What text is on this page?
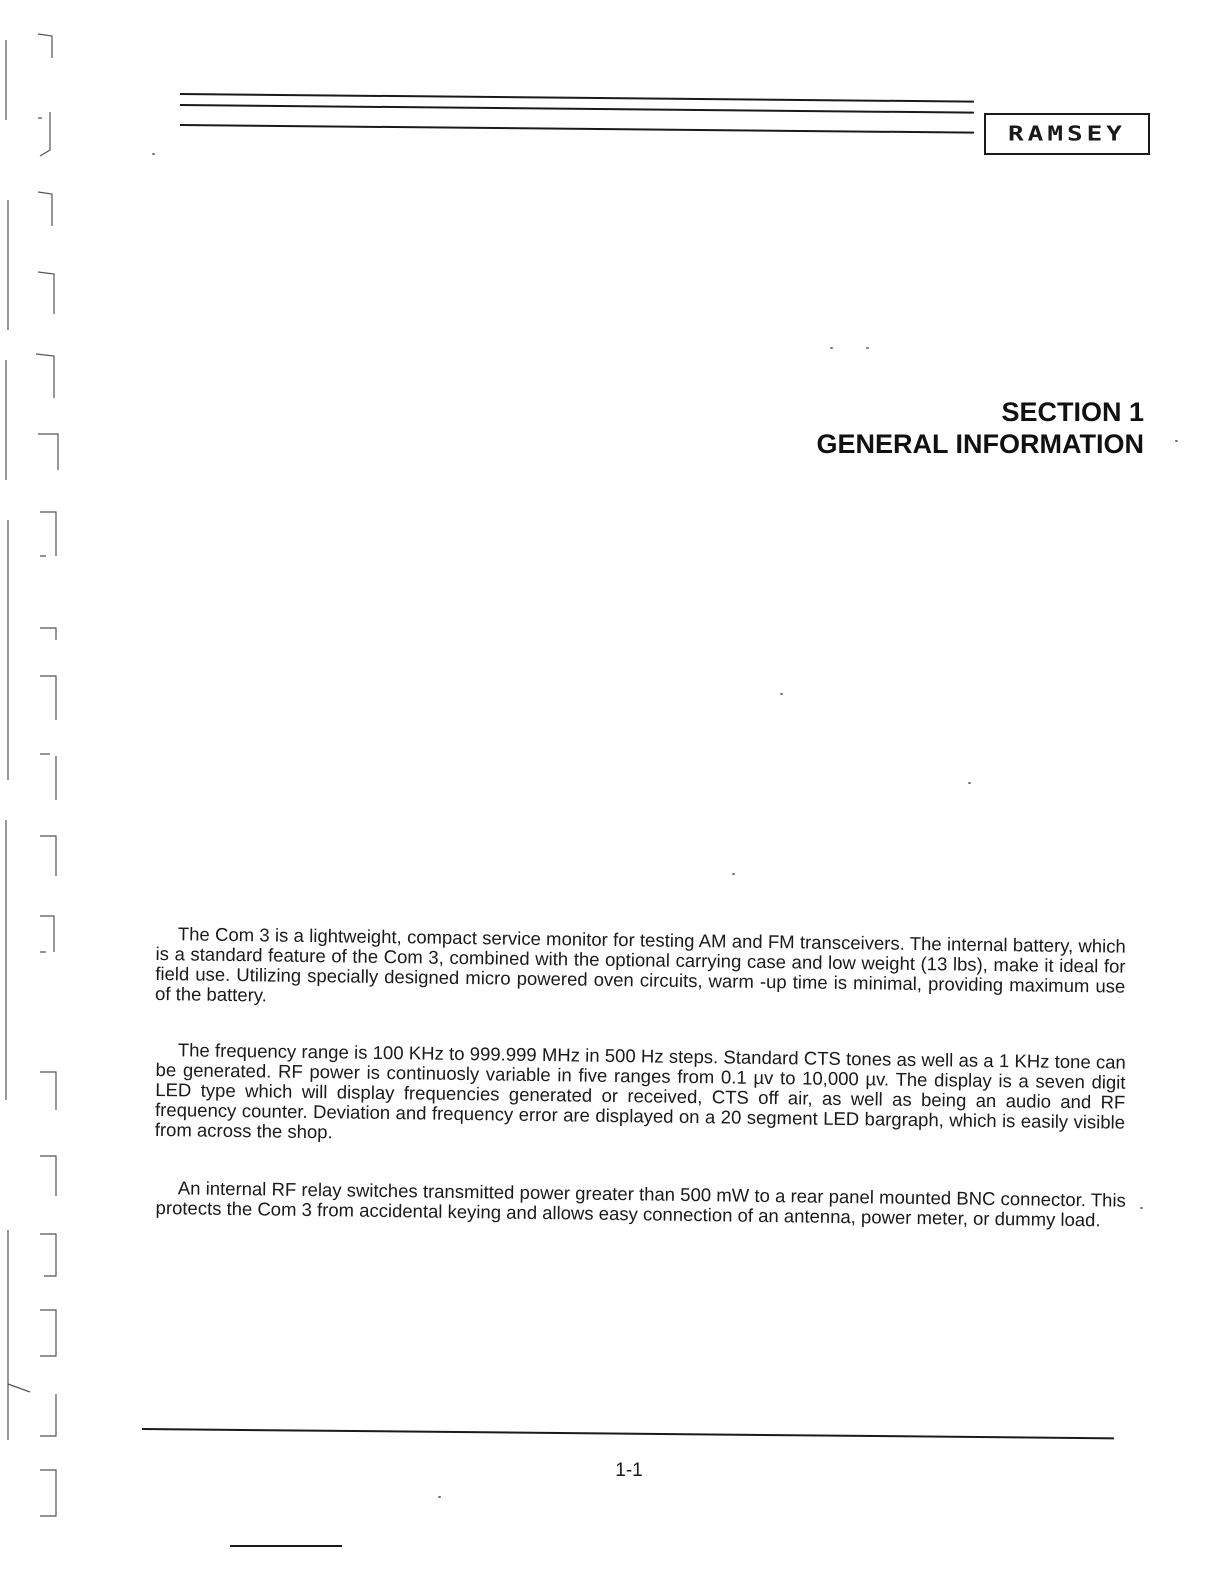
RAMSEY
SECTION 1
GENERAL INFORMATION

The Com 3 is a lightweight, compact service monitor for testing AM and FM transceivers. The internal battery, which is a standard feature of the Com 3, combined with the optional carrying case and low weight (13 lbs), make it ideal for field use. Utilizing specially designed micro powered oven circuits, warm -up time is minimal, providing maximum use of the battery.

The frequency range is 100 KHz to 999.999 MHz in 500 Hz steps. Standard CTS tones as well as a 1 KHz tone can be generated. RF power is continuosly variable in five ranges from 0.1 µv to 10,000 µv. The display is a seven digit LED type which will display frequencies generated or received, CTS off air, as well as being an audio and RF frequency counter. Deviation and frequency error are displayed on a 20 segment LED bargraph, which is easily visible from across the shop.

An internal RF relay switches transmitted power greater than 500 mW to a rear panel mounted BNC connector. This protects the Com 3 from accidental keying and allows easy connection of an antenna, power meter, or dummy load.

1-1
